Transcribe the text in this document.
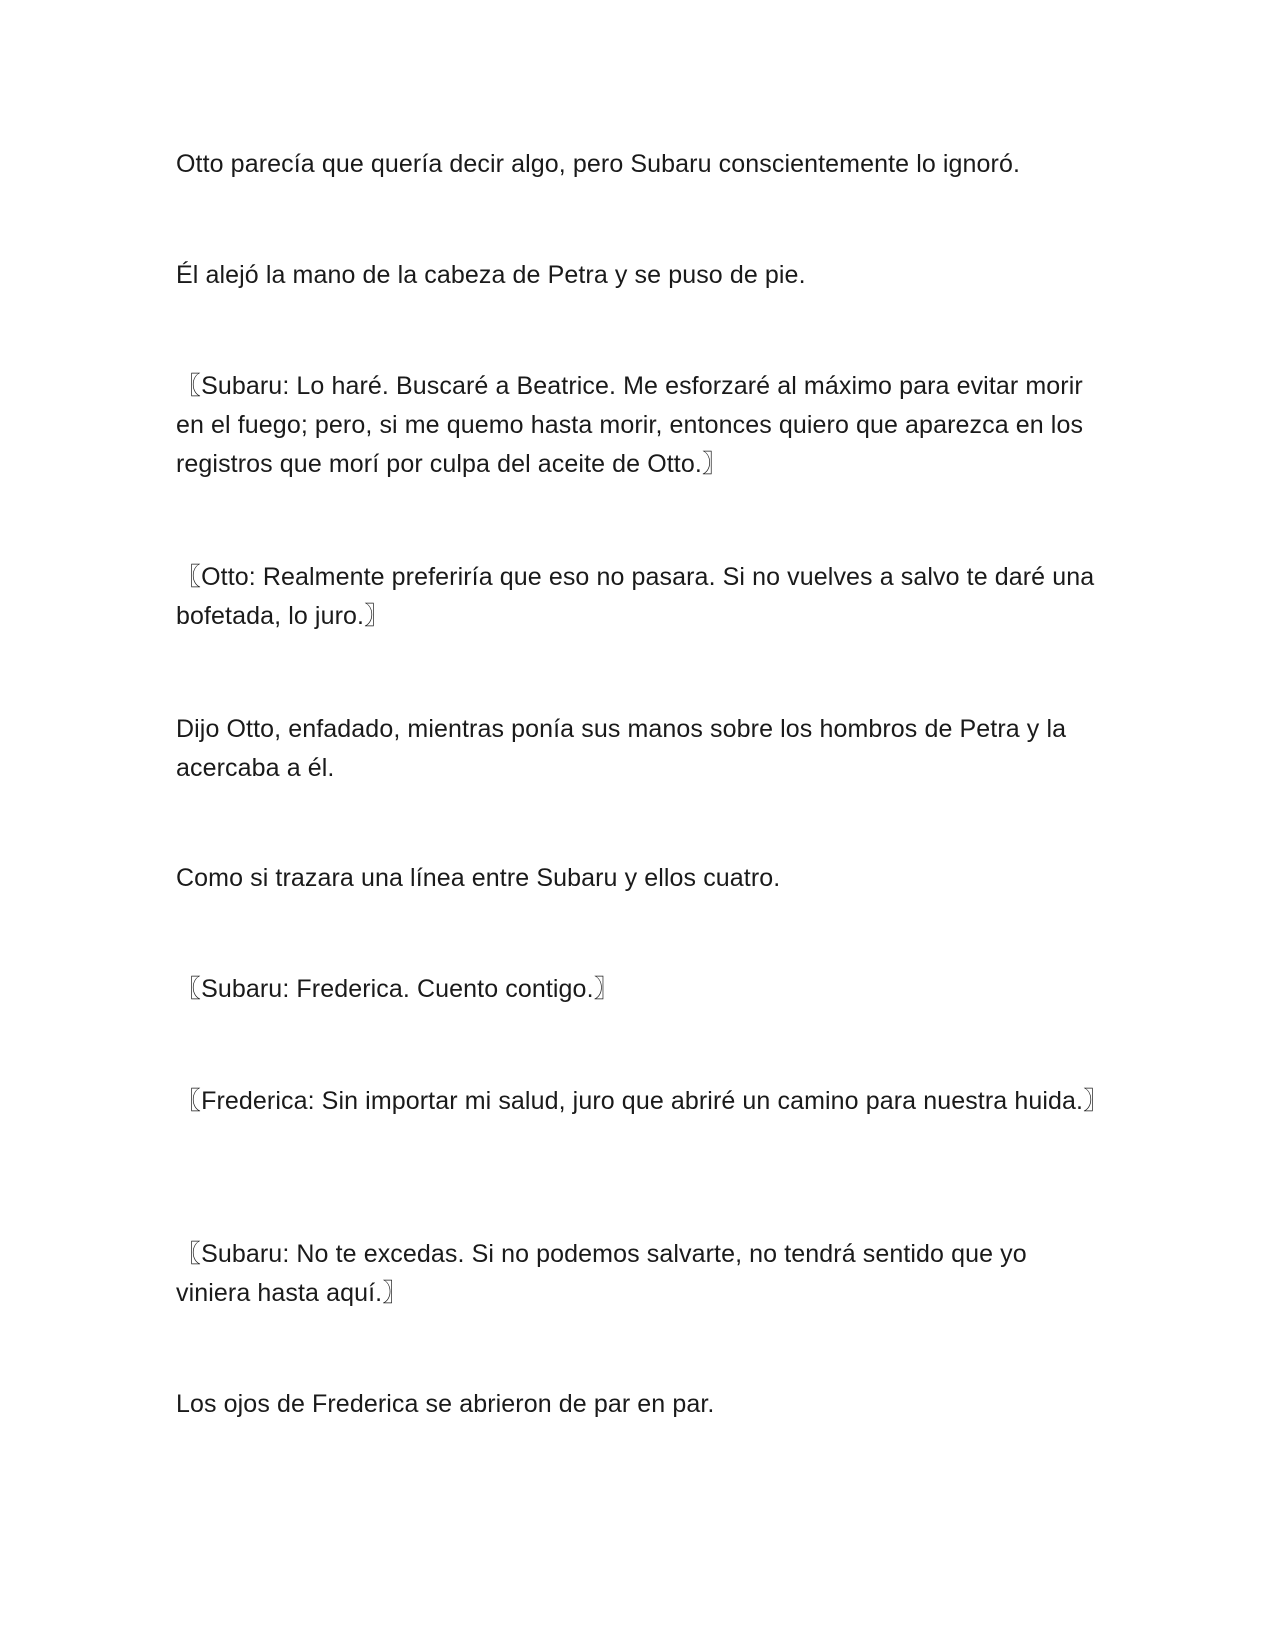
Otto parecía que quería decir algo, pero Subaru conscientemente lo ignoró.

Él alejó la mano de la cabeza de Petra y se puso de pie.

〖Subaru: Lo haré. Buscaré a Beatrice. Me esforzaré al máximo para evitar morir en el fuego; pero, si me quemo hasta morir, entonces quiero que aparezca en los registros que morí por culpa del aceite de Otto.〗

〖Otto: Realmente preferiría que eso no pasara. Si no vuelves a salvo te daré una bofetada, lo juro.〗

Dijo Otto, enfadado, mientras ponía sus manos sobre los hombros de Petra y la acercaba a él.

Como si trazara una línea entre Subaru y ellos cuatro.

〖Subaru: Frederica. Cuento contigo.〗

〖Frederica: Sin importar mi salud, juro que abriré un camino para nuestra huida.〗

〖Subaru: No te excedas. Si no podemos salvarte, no tendrá sentido que yo viniera hasta aquí.〗

Los ojos de Frederica se abrieron de par en par.
